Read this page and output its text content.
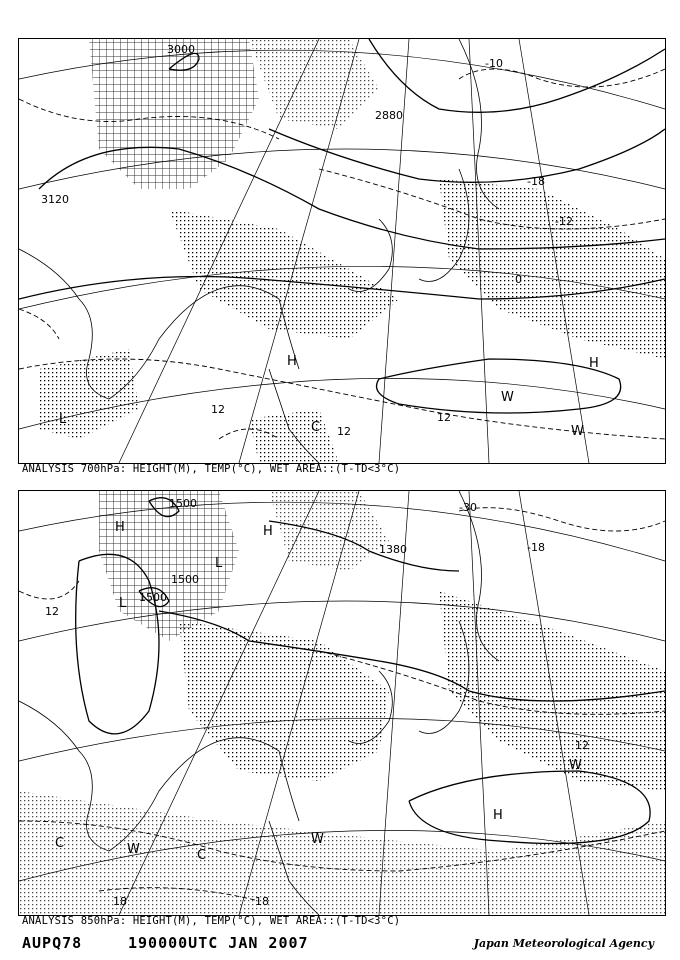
3000
3120
2880
12
12
12
-12
-18
0
-10
H	H
L
C
W
W
ANALYSIS 700hPa: HEIGHT(M), TEMP(°C), WET AREA::(T-TD<3°C)
1500
1500
1500
1380
12
12
18	18
-30
-18
H
H
L
L
W
W
W
C
C
H
ANALYSIS 850hPa: HEIGHT(M), TEMP(°C), WET AREA::(T-TD<3°C)
AUPQ78	190000UTC JAN 2007	Japan Meteorological Agency
